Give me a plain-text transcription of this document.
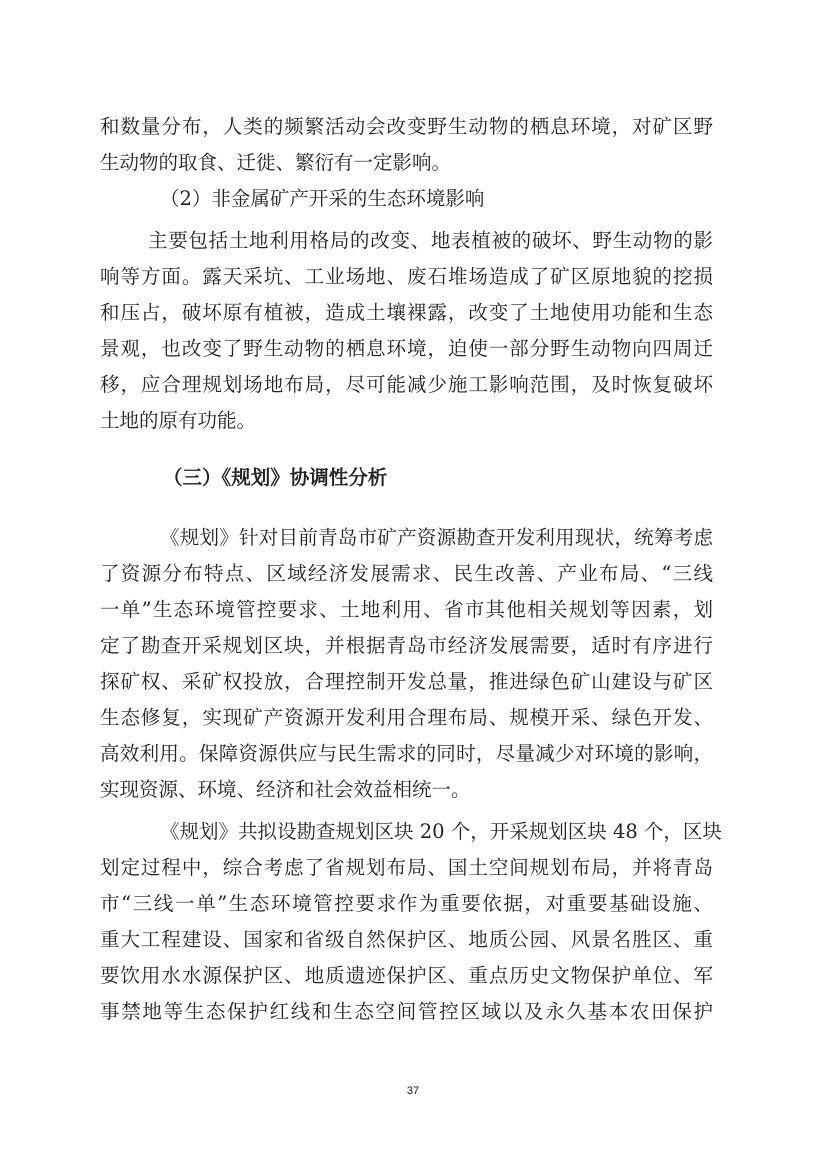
和数量分布，人类的频繁活动会改变野生动物的栖息环境，对矿区野
生动物的取食、迁徙、繁衍有一定影响。
（2）非金属矿产开采的生态环境影响
主要包括土地利用格局的改变、地表植被的破坏、野生动物的影
响等方面。露天采坑、工业场地、废石堆场造成了矿区原地貌的挖损
和压占，破坏原有植被，造成土壤裸露，改变了土地使用功能和生态
景观，也改变了野生动物的栖息环境，迫使一部分野生动物向四周迁
移，应合理规划场地布局，尽可能减少施工影响范围，及时恢复破坏
土地的原有功能。
（三）《规划》协调性分析
《规划》针对目前青岛市矿产资源勘查开发利用现状，统筹考虑
了资源分布特点、区域经济发展需求、民生改善、产业布局、“三线
一单”生态环境管控要求、土地利用、省市其他相关规划等因素，划
定了勘查开采规划区块，并根据青岛市经济发展需要，适时有序进行
探矿权、采矿权投放，合理控制开发总量，推进绿色矿山建设与矿区
生态修复，实现矿产资源开发利用合理布局、规模开采、绿色开发、
高效利用。保障资源供应与民生需求的同时，尽量减少对环境的影响，
实现资源、环境、经济和社会效益相统一。
《规划》共拟设勘查规划区块 20 个，开采规划区块 48 个，区块
划定过程中，综合考虑了省规划布局、国土空间规划布局，并将青岛
市“三线一单”生态环境管控要求作为重要依据，对重要基础设施、
重大工程建设、国家和省级自然保护区、地质公园、风景名胜区、重
要饮用水水源保护区、地质遗迹保护区、重点历史文物保护单位、军
事禁地等生态保护红线和生态空间管控区域以及永久基本农田保护
37
